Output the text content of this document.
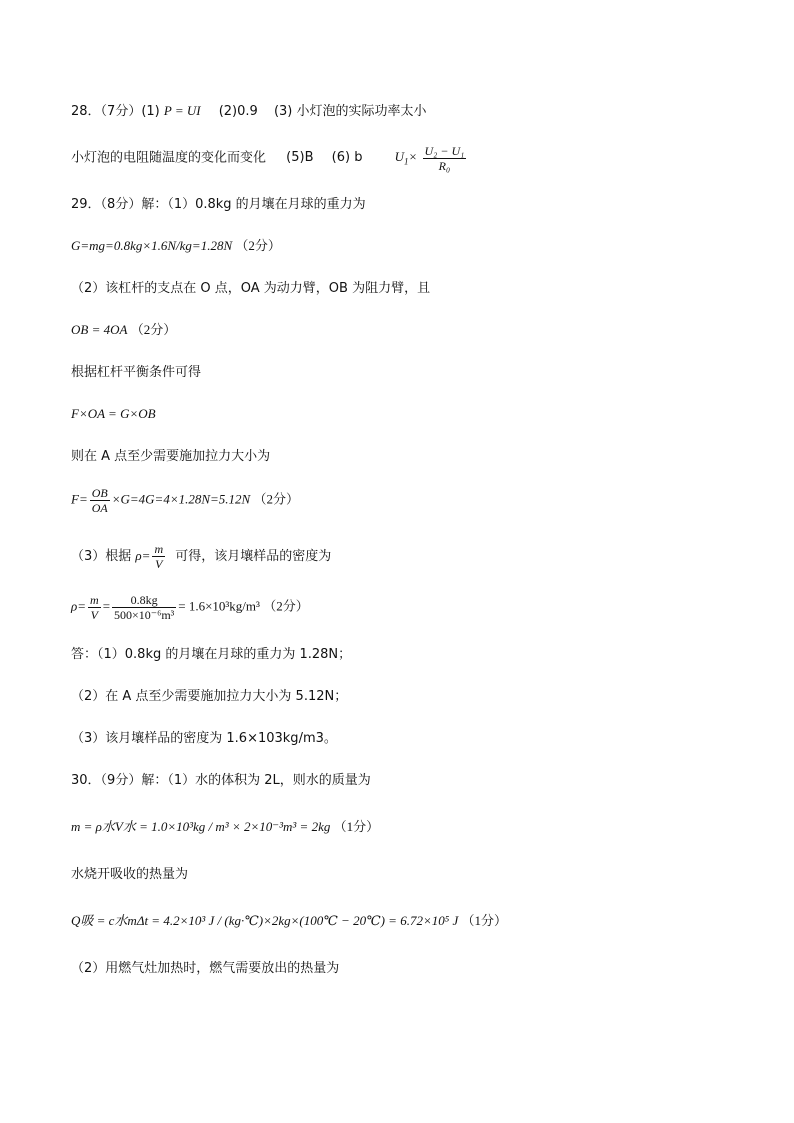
28．（7分）(1) P = UI (2)0.9 (3) 小灯泡的实际功率太小
小灯泡的电阻随温度的变化而变化 (5)B (6) b $U_1\times \frac{\text{U₂ − U₁}}{\text{R₀}}$
29．（8分）解：（1）0.8kg 的月壤在月球的重力为
G=mg=0.8kg×1.6N/kg=1.28N （2分）
（2）该杠杆的支点在 O 点，OA 为动力臂，OB 为阻力臂，且
OB = 4OA （2分）
根据杠杆平衡条件可得
F×OA = G×OB
则在 A 点至少需要施加拉力大小为
$F= \frac{OB}{OA} \times G=4G=4\times 1.28N=5.12N$ （2分）
（3）根据 $\rho= \frac{m}{V}$ 可得，该月壤样品的密度为
$\rho= \frac{m}{V} = \frac{0.8kg}{\text{500×10⁻⁶m³}} = 1.6\times 10^3kg/m^3$ （2分）
答：（1）0.8kg 的月壤在月球的重力为 1.28N；
（2）在 A 点至少需要施加拉力大小为 5.12N；
（3）该月壤样品的密度为 1.6×103kg/m3。
30．（9分）解：（1）水的体积为 2L，则水的质量为
m = ρ水V水 = 1.0×10³kg / m³ × 2×10⁻³m³ = 2kg （1分）
水烧开吸收的热量为
Q吸 = c水mΔt = 4.2×10³ J / (kg·℃)×2kg×(100℃ − 20℃) = 6.72×10⁵ J （1分）
（2）用燃气灶加热时，燃气需要放出的热量为
